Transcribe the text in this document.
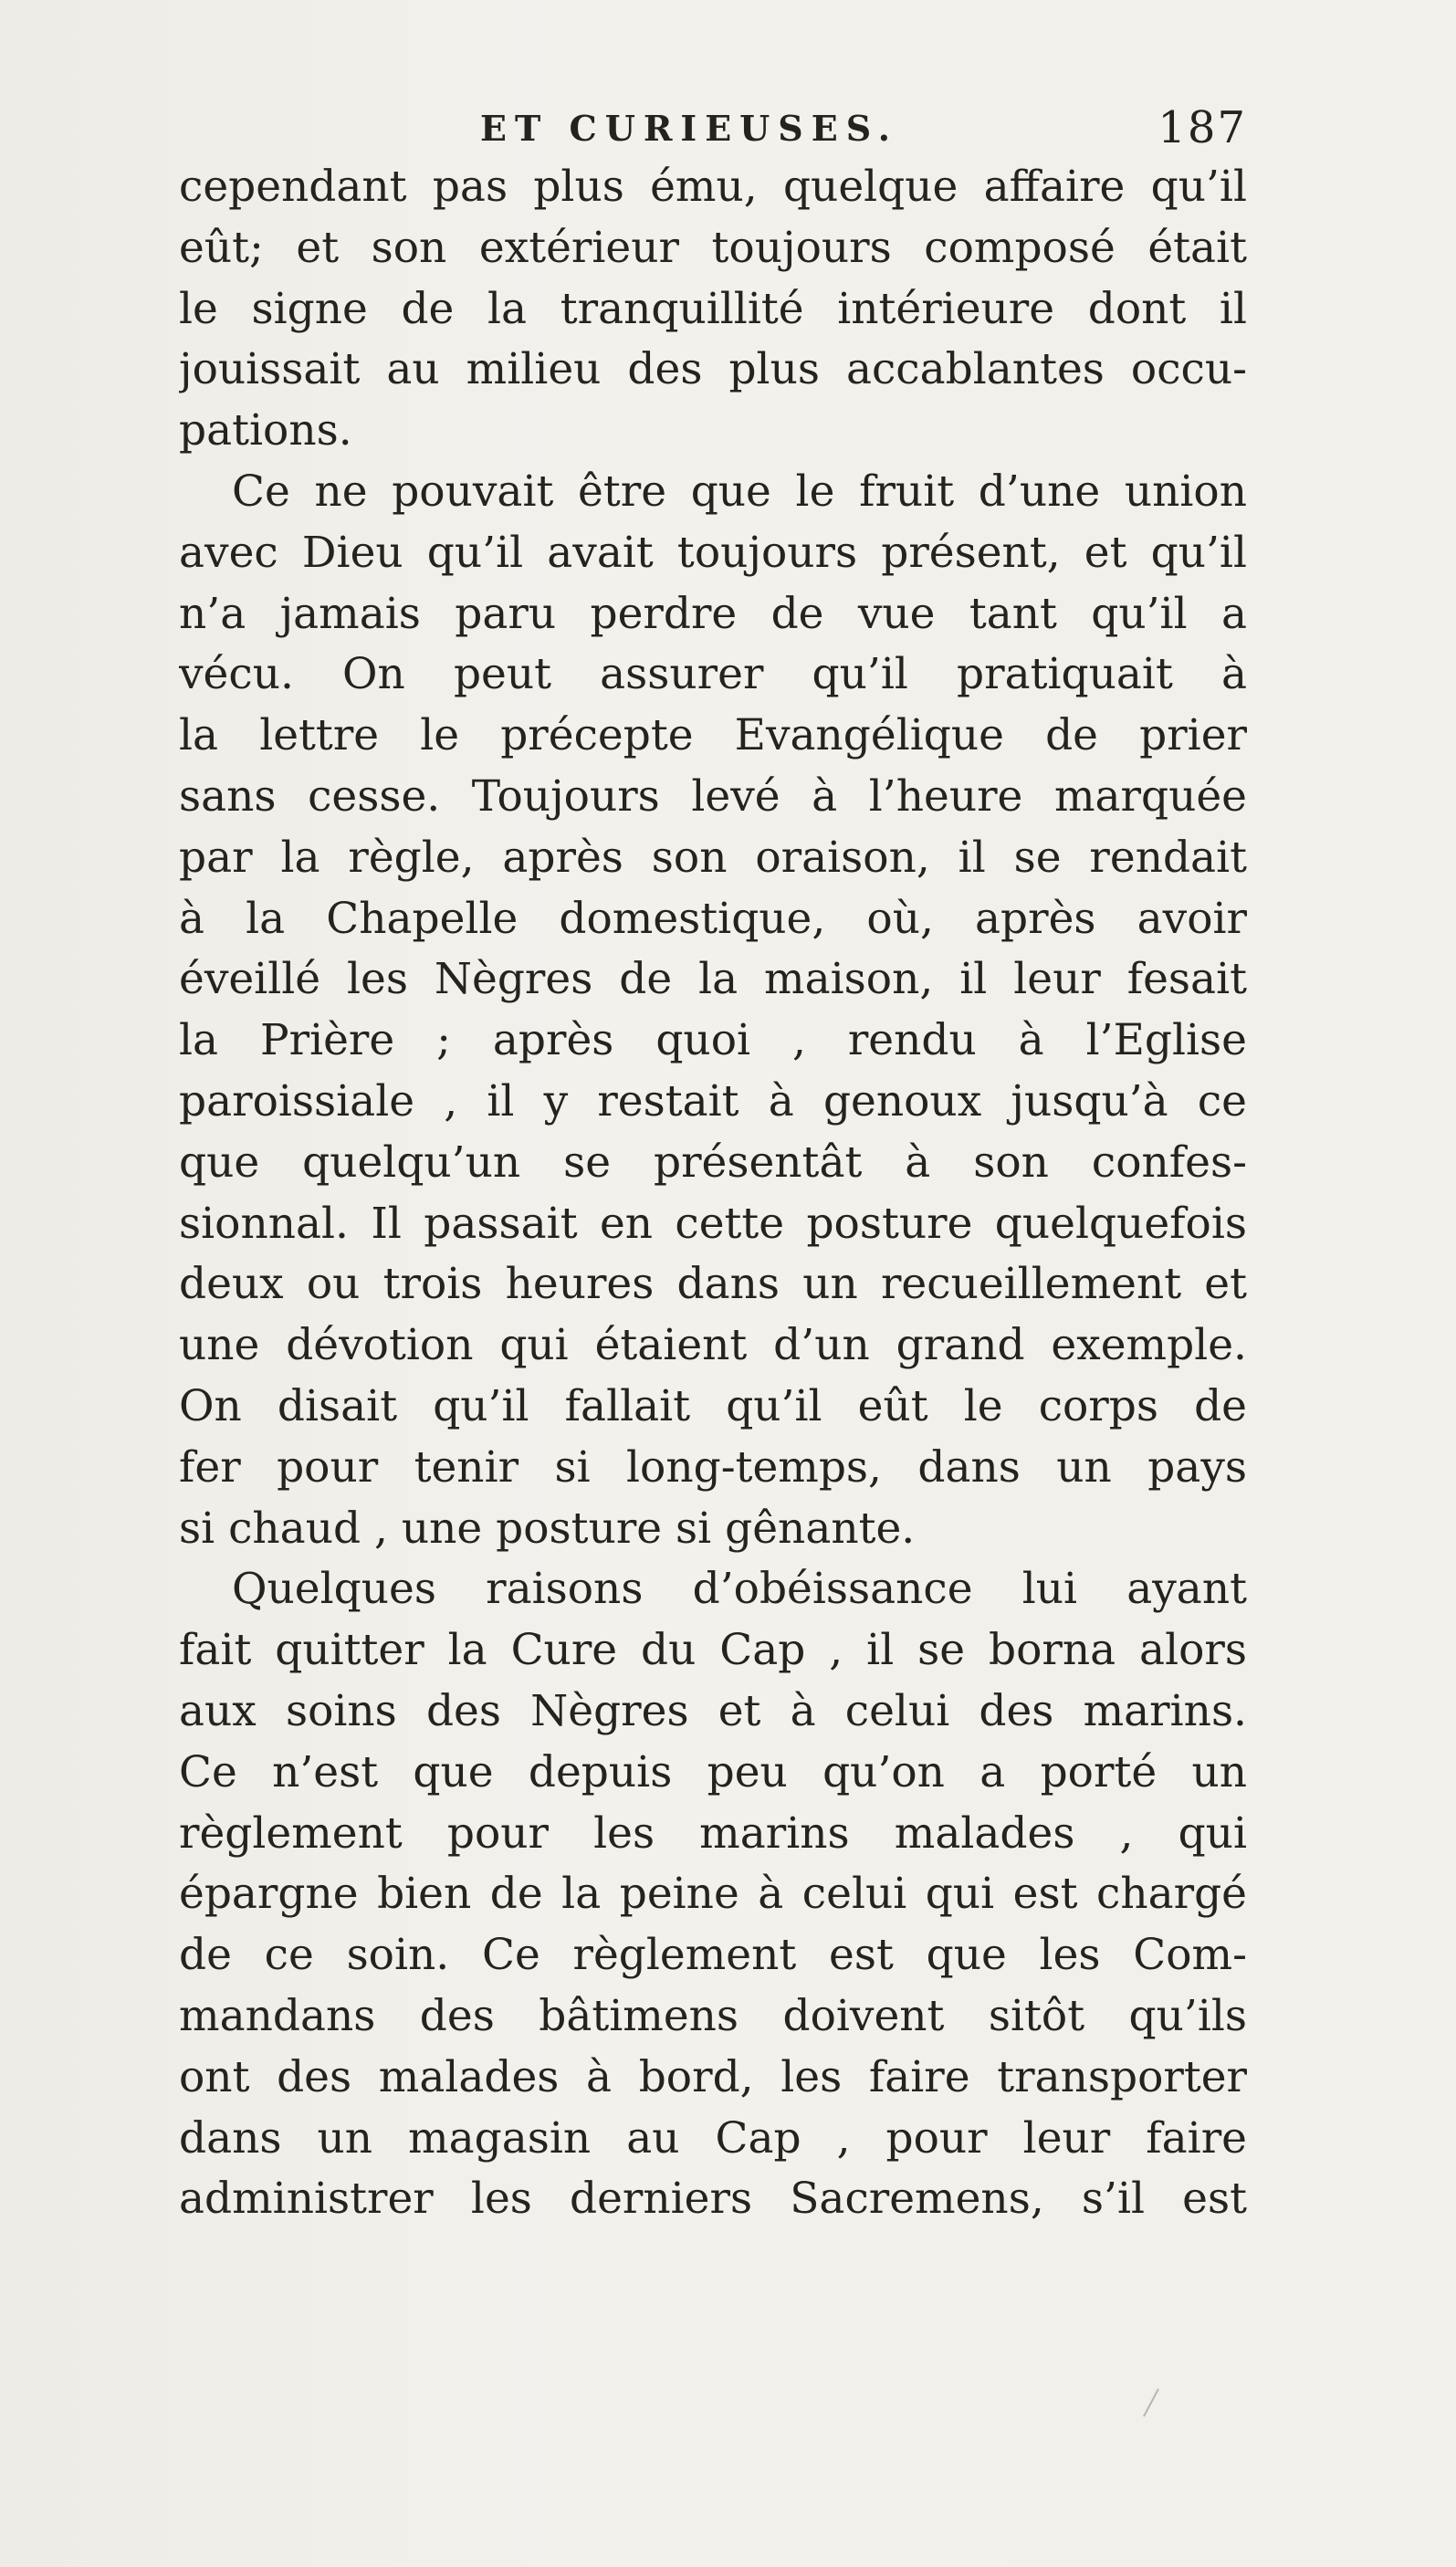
ET CURIEUSES.	187
cependant pas plus ému, quelque affaire qu’il
eût; et son extérieur toujours composé était
le signe de la tranquillité intérieure dont il
jouissait au milieu des plus accablantes occu-
pations.
Ce ne pouvait être que le fruit d’une union
avec Dieu qu’il avait toujours présent, et qu’il
n’a jamais paru perdre de vue tant qu’il a
vécu. On peut assurer qu’il pratiquait à
la lettre le précepte Evangélique de prier
sans cesse. Toujours levé à l’heure marquée
par la règle, après son oraison, il se rendait
à la Chapelle domestique, où, après avoir
éveillé les Nègres de la maison, il leur fesait
la Prière ; après quoi , rendu à l’Eglise
paroissiale , il y restait à genoux jusqu’à ce
que quelqu’un se présentât à son confes-
sionnal. Il passait en cette posture quelquefois
deux ou trois heures dans un recueillement et
une dévotion qui étaient d’un grand exemple.
On disait qu’il fallait qu’il eût le corps de
fer pour tenir si long-temps, dans un pays
si chaud , une posture si gênante.
Quelques raisons d’obéissance lui ayant
fait quitter la Cure du Cap , il se borna alors
aux soins des Nègres et à celui des marins.
Ce n’est que depuis peu qu’on a porté un
règlement pour les marins malades , qui
épargne bien de la peine à celui qui est chargé
de ce soin. Ce règlement est que les Com-
mandans des bâtimens doivent sitôt qu’ils
ont des malades à bord, les faire transporter
dans un magasin au Cap , pour leur faire
administrer les derniers Sacremens, s’il est
